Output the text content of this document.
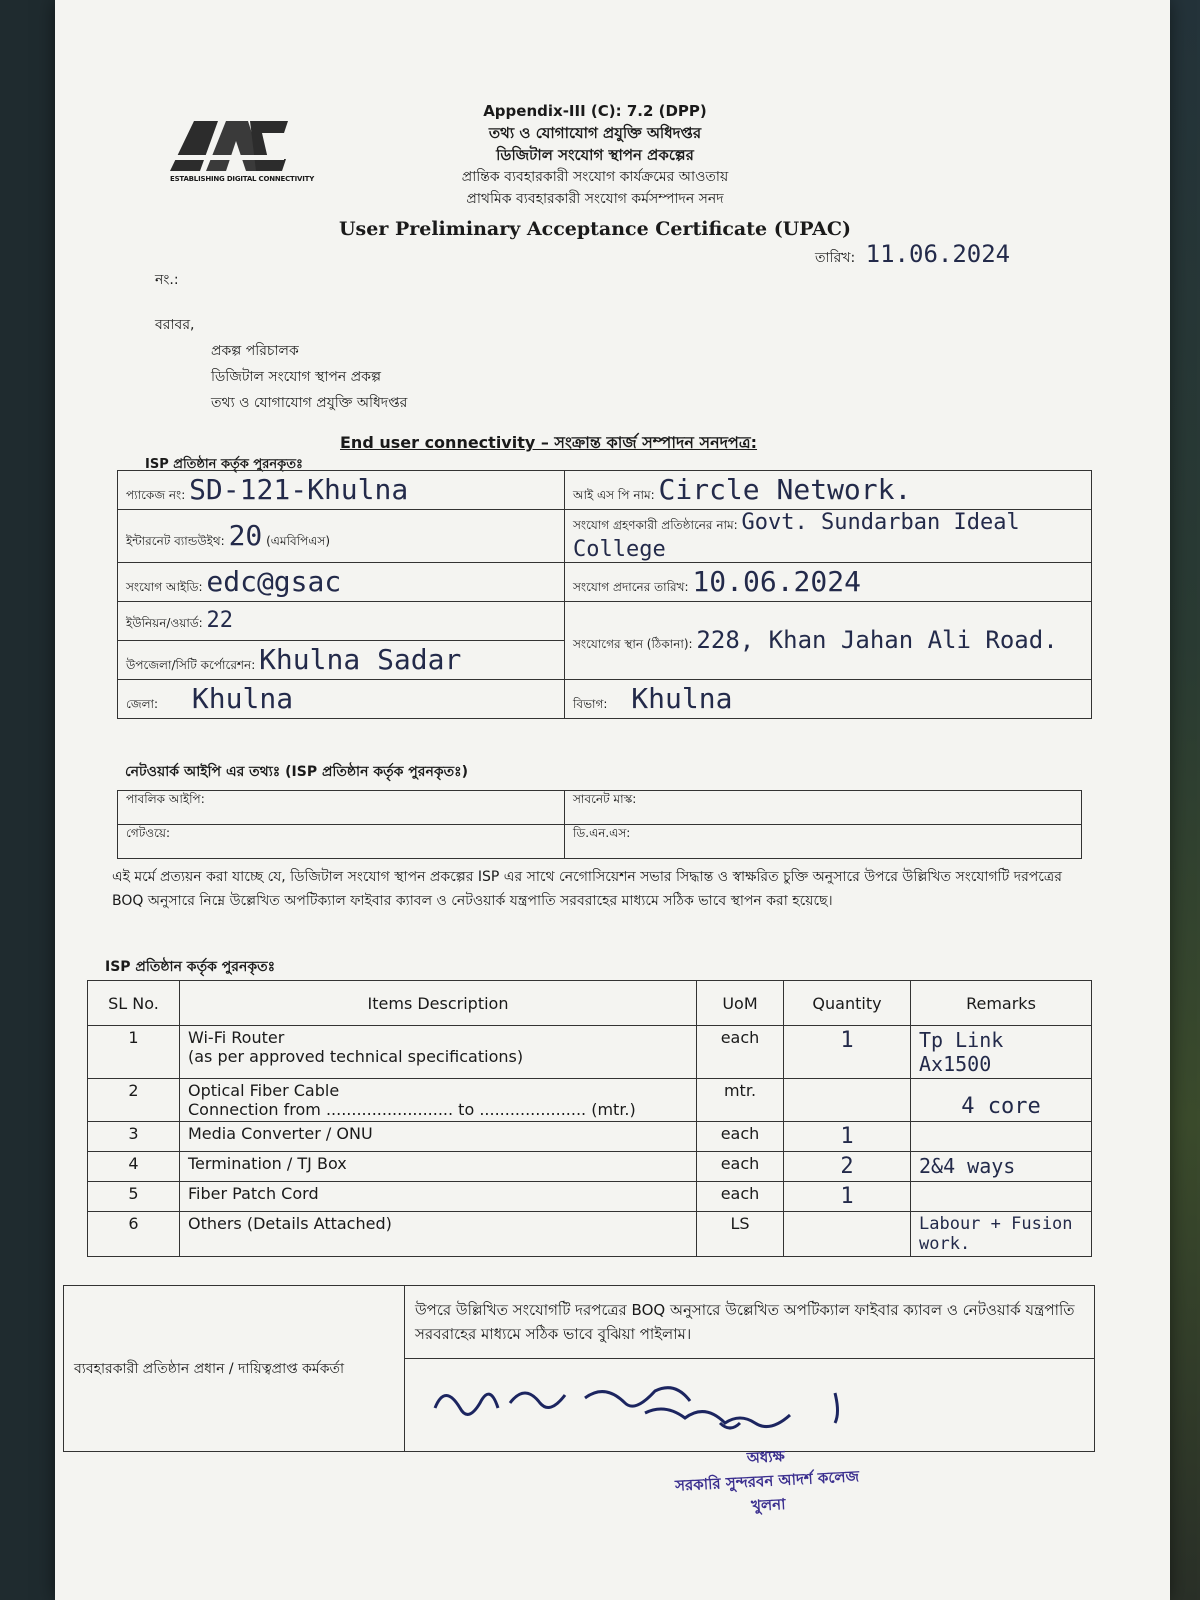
ESTABLISHING DIGITAL CONNECTIVITY
Appendix-III (C): 7.2 (DPP)
তথ্য ও যোগাযোগ প্রযুক্তি অধিদপ্তর
ডিজিটাল সংযোগ স্থাপন প্রকল্পের
প্রান্তিক ব্যবহারকারী সংযোগ কার্যক্রমের আওতায়
প্রাথমিক ব্যবহারকারী সংযোগ কর্মসম্পাদন সনদ
User Preliminary Acceptance Certificate (UPAC)
তারিখ: 11.06.2024
নং.:
বরাবর,
প্রকল্প পরিচালক
ডিজিটাল সংযোগ স্থাপন প্রকল্প
তথ্য ও যোগাযোগ প্রযুক্তি অধিদপ্তর
End user connectivity – সংক্রান্ত কার্জ সম্পাদন সনদপত্র:
ISP প্রতিষ্ঠান কর্তৃক পুরনকৃতঃ
প্যাকেজ নং: SD-121-Khulna	আই এস পি নাম: Circle Network.
ইন্টারনেট ব্যান্ডউইথ: 20 (এমবিপিএস)	সংযোগ গ্রহণকারী প্রতিষ্ঠানের নাম: Govt. Sundarban Ideal College
সংযোগ আইডি: edc@gsac	সংযোগ প্রদানের তারিখ: 10.06.2024
ইউনিয়ন/ওয়ার্ড: 22	সংযোগের স্থান (ঠিকানা): 228, Khan Jahan Ali Road.
উপজেলা/সিটি কর্পোরেশন: Khulna Sadar	
জেলা: Khulna	বিভাগ: Khulna
নেটওয়ার্ক আইপি এর তথ্যঃ (ISP প্রতিষ্ঠান কর্তৃক পুরনকৃতঃ)
পাবলিক আইপি:	সাবনেট মাস্ক:
গেটওয়ে:	ডি.এন.এস:
এই মর্মে প্রত্যয়ন করা যাচ্ছে যে, ডিজিটাল সংযোগ স্থাপন প্রকল্পের ISP এর সাথে নেগোসিয়েশন সভার সিদ্ধান্ত ও স্বাক্ষরিত চুক্তি অনুসারে উপরে উল্লিখিত সংযোগটি দরপত্রের BOQ অনুসারে নিম্নে উল্লেখিত অপটিক্যাল ফাইবার ক্যাবল ও নেটওয়ার্ক যন্ত্রপাতি সরবরাহের মাধ্যমে সঠিক ভাবে স্থাপন করা হয়েছে।
ISP প্রতিষ্ঠান কর্তৃক পুরনকৃতঃ
SL No.	Items Description	UoM	Quantity	Remarks
1	Wi-Fi Router
(as per approved technical specifications)	each	1	Tp Link Ax1500
2	Optical Fiber Cable
Connection from ......................... to ..................... (mtr.)	mtr.		4 core
3	Media Converter / ONU	each	1	
4	Termination / TJ Box	each	2	2&4 ways
5	Fiber Patch Cord	each	1	
6	Others (Details Attached)	LS		Labour + Fusion work.
ব্যবহারকারী প্রতিষ্ঠান প্রধান / দায়িত্বপ্রাপ্ত কর্মকর্তা	উপরে উল্লিখিত সংযোগটি দরপত্রের BOQ অনুসারে উল্লেখিত অপটিক্যাল ফাইবার ক্যাবল ও নেটওয়ার্ক যন্ত্রপাতি সরবরাহের মাধ্যমে সঠিক ভাবে বুঝিয়া পাইলাম।

অধ্যক্ষ
সরকারি সুন্দরবন আদর্শ কলেজ
খুলনা
